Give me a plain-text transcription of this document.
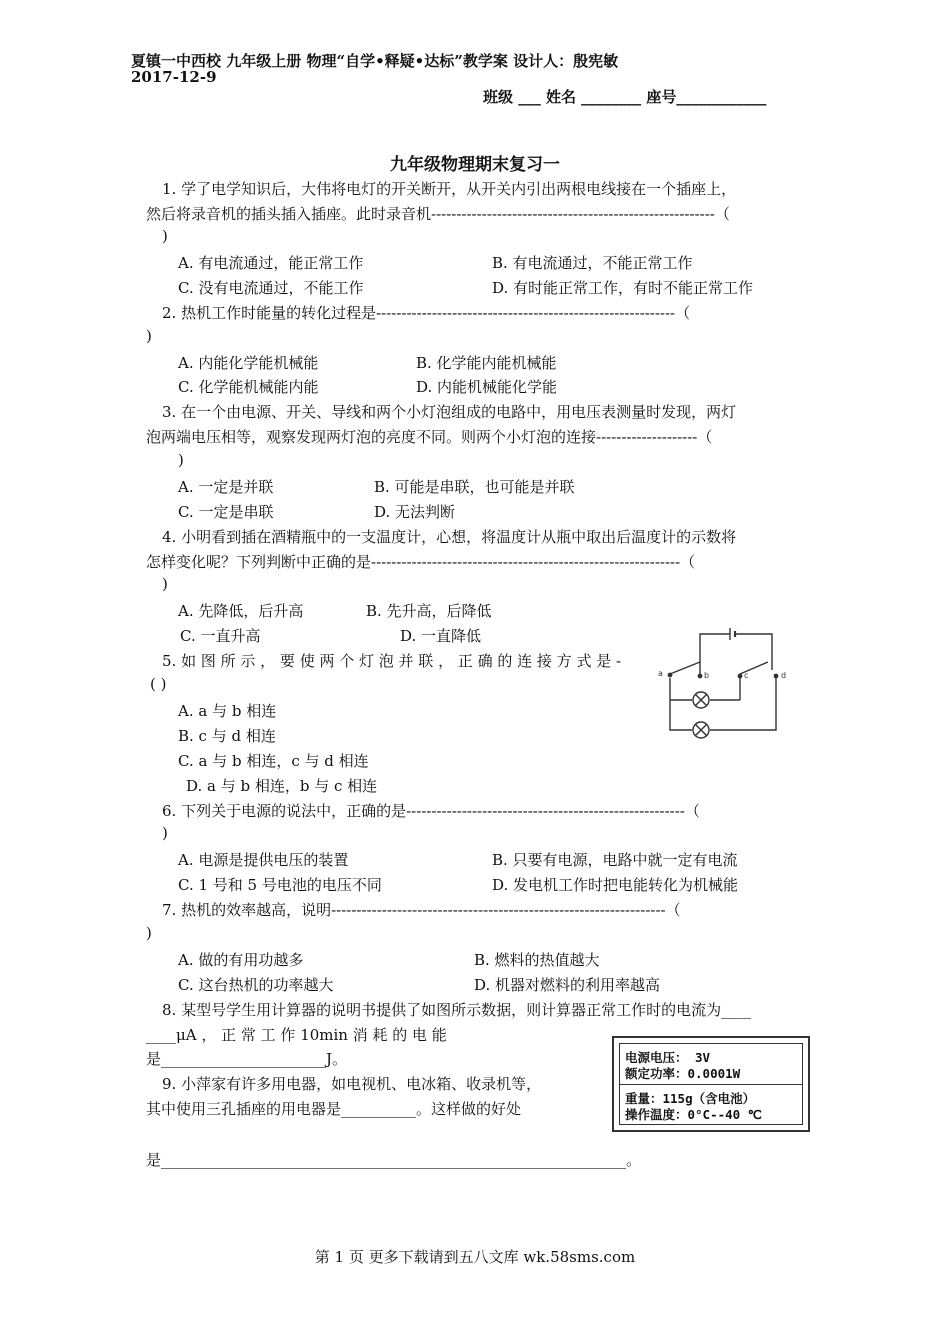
夏镇一中西校 九年级上册 物理“自学•释疑•达标”教学案 设计人：殷宪敏
2017-12-9
班级 ___ 姓名 ________ 座号____________
九年级物理期末复习一
1. 学了电学知识后，大伟将电灯的开关断开，从开关内引出两根电线接在一个插座上，
然后将录音机的插头插入插座。此时录音机--------------------------------------------------------（
)
A. 有电流通过，能正常工作	B. 有电流通过，不能正常工作
C. 没有电流通过，不能工作	D. 有时能正常工作，有时不能正常工作
2. 热机工作时能量的转化过程是-----------------------------------------------------------（
)
A. 内能化学能机械能	B. 化学能内能机械能
C. 化学能机械能内能	D. 内能机械能化学能
3. 在一个由电源、开关、导线和两个小灯泡组成的电路中，用电压表测量时发现，两灯
泡两端电压相等，观察发现两灯泡的亮度不同。则两个小灯泡的连接--------------------（
)
A. 一定是并联	B. 可能是串联，也可能是并联
C. 一定是串联	D. 无法判断
4. 小明看到插在酒精瓶中的一支温度计，心想，将温度计从瓶中取出后温度计的示数将
怎样变化呢？下列判断中正确的是-------------------------------------------------------------（
)
A. 先降低，后升高	B. 先升高，后降低
C. 一直升高	D. 一直降低
5. 如 图 所 示 ， 要 使 两 个 灯 泡 并 联 ， 正 确 的 连 接 方 式 是 -
( )
A. a 与 b 相连
B. c 与 d 相连
C. a 与 b 相连，c 与 d 相连
D. a 与 b 相连，b 与 c 相连
a	b	c	d
6. 下列关于电源的说法中，正确的是-------------------------------------------------------（
)
A. 电源是提供电压的装置	B. 只要有电源，电路中就一定有电流
C. 1 号和 5 号电池的电压不同	D. 发电机工作时把电能转化为机械能
7. 热机的效率越高，说明------------------------------------------------------------------（
)
A. 做的有用功越多	B. 燃料的热值越大
C. 这台热机的功率越大	D. 机器对燃料的利用率越高
8. 某型号学生用计算器的说明书提供了如图所示数据，则计算器正常工作时的电流为____
____μA ， 正 常 工 作 10min 消 耗 的 电 能
是______________________J。	电源电压： 3V
额定功率：0.0001W
重量：115g（含电池）
操作温度：0°C--40 ℃
9. 小萍家有许多用电器，如电视机、电冰箱、收录机等，
其中使用三孔插座的用电器是__________。这样做的好处
是______________________________________________________________。
第 1 页 更多下载请到五八文库 wk.58sms.com
